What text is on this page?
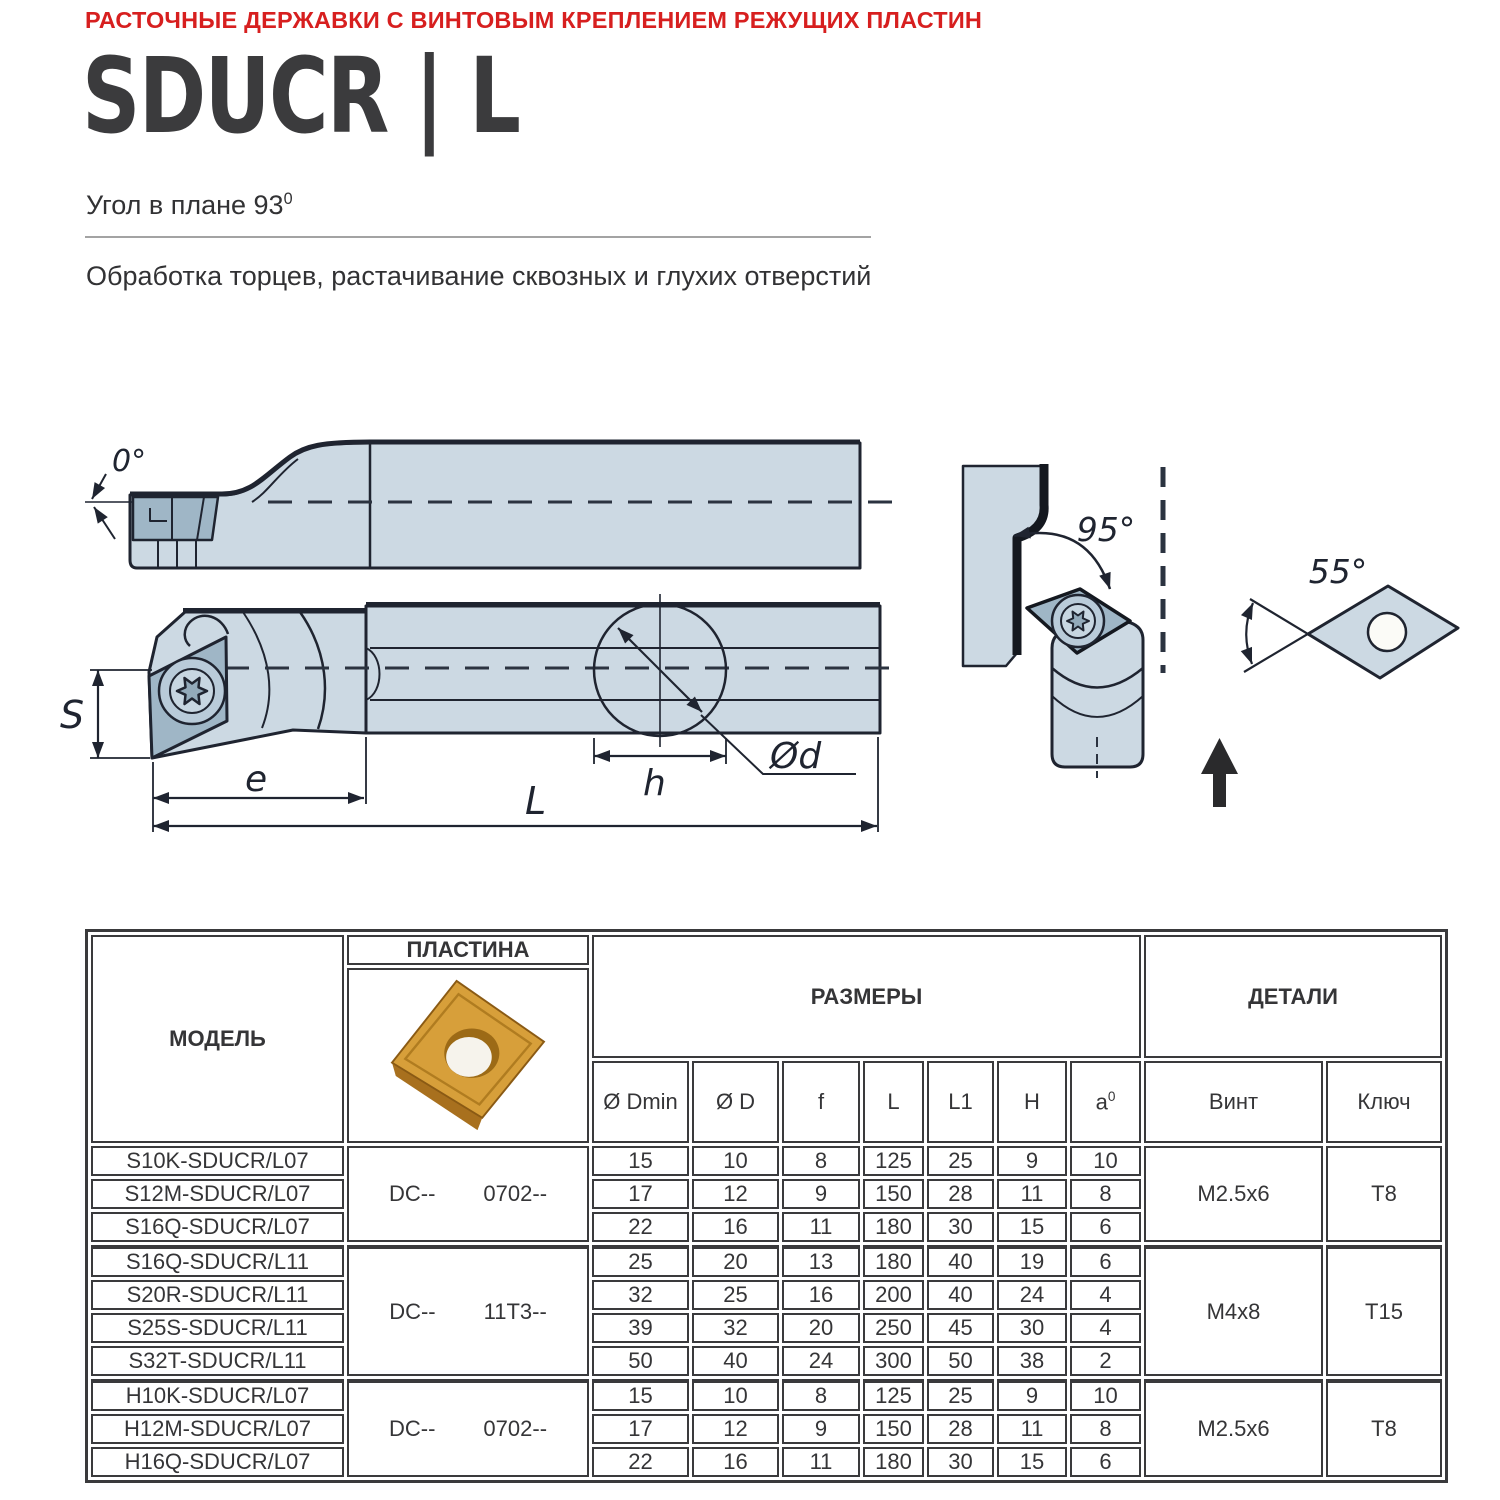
РАСТОЧНЫЕ ДЕРЖАВКИ С ВИНТОВЫМ КРЕПЛЕНИЕМ РЕЖУЩИХ ПЛАСТИН
SDUCR | L
Угол в плане $93^0$
Обработка торцев, растачивание сквозных и глухих отверстий
0°
S
e	L	h
Ød
95°
55°
МОДЕЛЬ	ПЛАСТИНА	РАЗМЕРЫ							ДЕТАЛИ	

		Ø Dmin	Ø D	f	L	L1	H	$a^0$	Винт	Ключ
S10K-SDUCR/L07	DC-- 0702--	15	10	8	125	25	9	10	M2.5x6	T8
S12M-SDUCR/L07		17	12	9	150	28	11	8		
S16Q-SDUCR/L07		22	16	11	180	30	15	6		
S16Q-SDUCR/L11	DC-- 11T3--	25	20	13	180	40	19	6	M4x8	T15
S20R-SDUCR/L11		32	25	16	200	40	24	4		
S25S-SDUCR/L11		39	32	20	250	45	30	4		
S32T-SDUCR/L11		50	40	24	300	50	38	2		
H10K-SDUCR/L07	DC-- 0702--	15	10	8	125	25	9	10	M2.5x6	T8
H12M-SDUCR/L07		17	12	9	150	28	11	8		
H16Q-SDUCR/L07		22	16	11	180	30	15	6		
